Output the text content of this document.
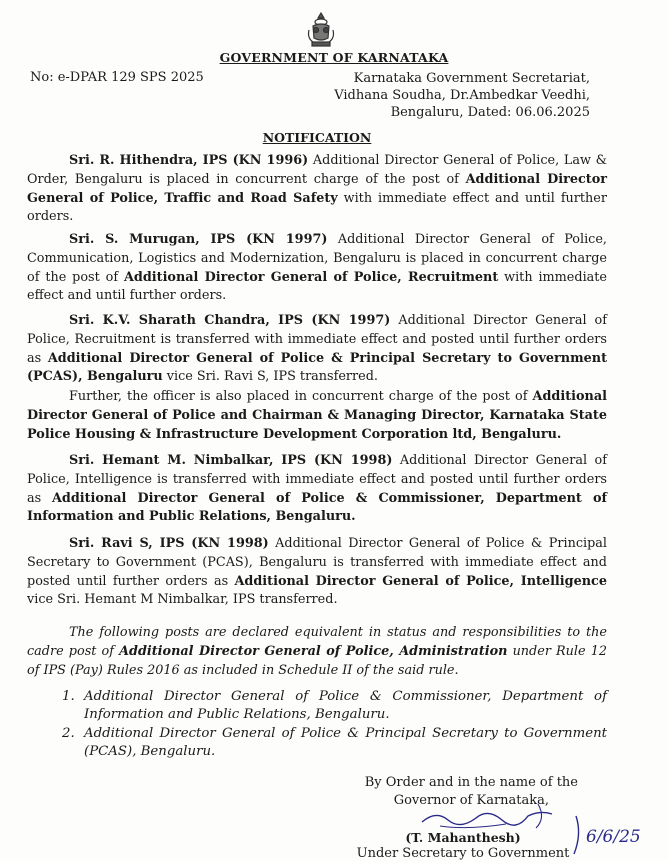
GOVERNMENT OF KARNATAKA
No: e-DPAR 129 SPS 2025	Karnataka Government Secretariat,
Vidhana Soudha, Dr.Ambedkar Veedhi,
Bengaluru, Dated: 06.06.2025
NOTIFICATION
Sri. R. Hithendra, IPS (KN 1996) Additional Director General of Police, Law & Order, Bengaluru is placed in concurrent charge of the post of Additional Director General of Police, Traffic and Road Safety with immediate effect and until further orders.
Sri. S. Murugan, IPS (KN 1997) Additional Director General of Police, Communication, Logistics and Modernization, Bengaluru is placed in concurrent charge of the post of Additional Director General of Police, Recruitment with immediate effect and until further orders.
Sri. K.V. Sharath Chandra, IPS (KN 1997) Additional Director General of Police, Recruitment is transferred with immediate effect and posted until further orders as Additional Director General of Police & Principal Secretary to Government (PCAS), Bengaluru vice Sri. Ravi S, IPS transferred.
Further, the officer is also placed in concurrent charge of the post of Additional Director General of Police and Chairman & Managing Director, Karnataka State Police Housing & Infrastructure Development Corporation ltd, Bengaluru.
Sri. Hemant M. Nimbalkar, IPS (KN 1998) Additional Director General of Police, Intelligence is transferred with immediate effect and posted until further orders as Additional Director General of Police & Commissioner, Department of Information and Public Relations, Bengaluru.
Sri. Ravi S, IPS (KN 1998) Additional Director General of Police & Principal Secretary to Government (PCAS), Bengaluru is transferred with immediate effect and posted until further orders as Additional Director General of Police, Intelligence vice Sri. Hemant M Nimbalkar, IPS transferred.
The following posts are declared equivalent in status and responsibilities to the cadre post of Additional Director General of Police, Administration under Rule 12 of IPS (Pay) Rules 2016 as included in Schedule II of the said rule.
1. Additional Director General of Police & Commissioner, Department of Information and Public Relations, Bengaluru.
2. Additional Director General of Police & Principal Secretary to Government (PCAS), Bengaluru.
By Order and in the name of the
Governor of Karnataka,
(T. Mahanthesh)
Under Secretary to Government
6/6/25
